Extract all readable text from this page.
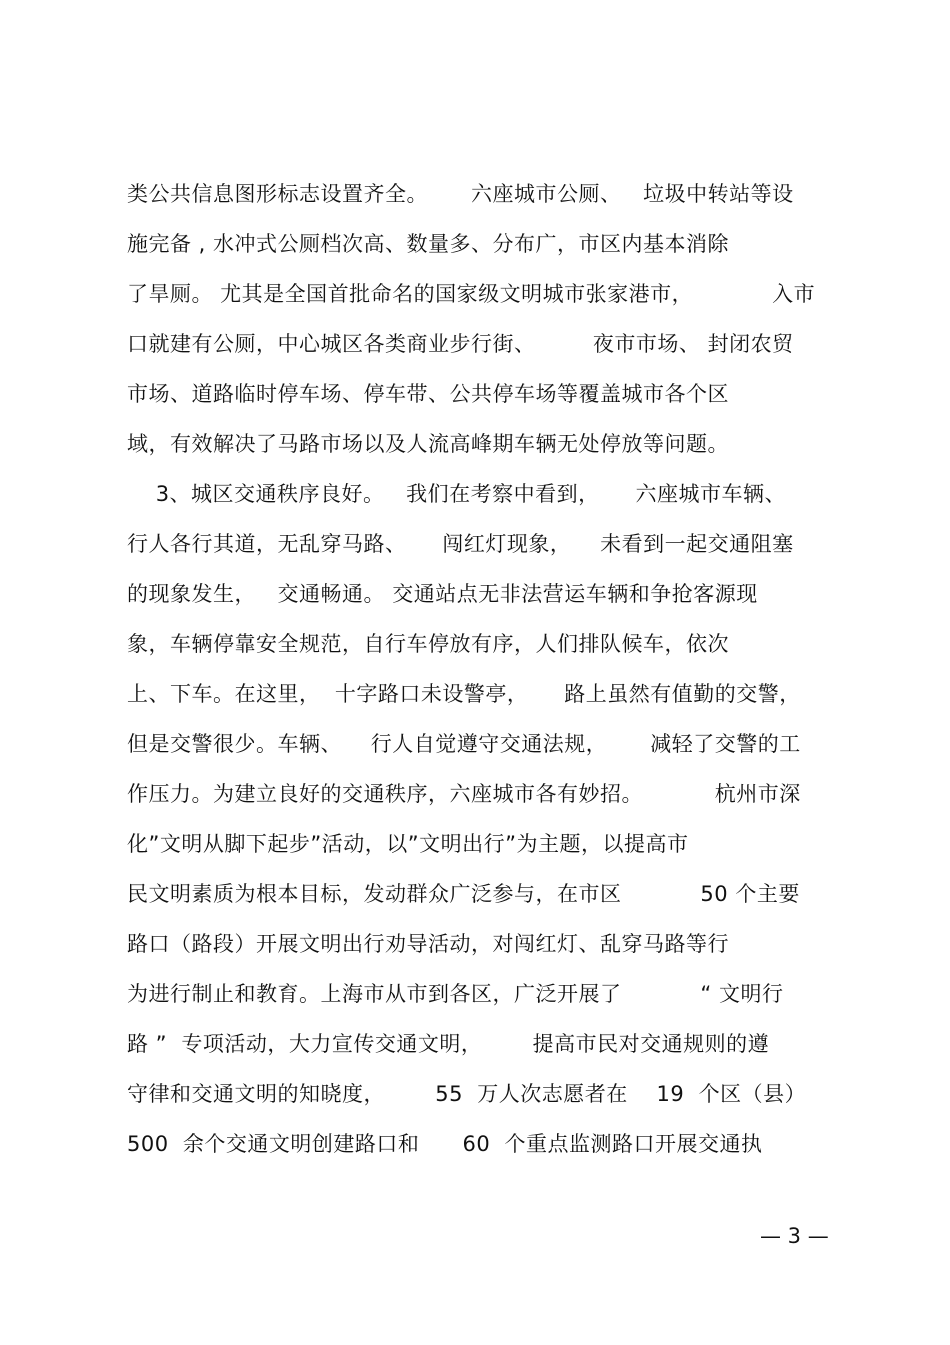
类公共信息图形标志设置齐全。      六座城市公厕、   垃圾中转站等设
施完备 , 水冲式公厕档次高、数量多、分布广，市区内基本消除
了旱厕。 尤其是全国首批命名的国家级文明城市张家港市，           入市
口就建有公厕，中心城区各类商业步行街、        夜市市场、 封闭农贸
市场、道路临时停车场、停车带、公共停车场等覆盖城市各个区
域，有效解决了马路市场以及人流高峰期车辆无处停放等问题。
3、城区交通秩序良好。   我们在考察中看到，     六座城市车辆、
行人各行其道，无乱穿马路、     闯红灯现象，    未看到一起交通阻塞
的现象发生，   交通畅通。 交通站点无非法营运车辆和争抢客源现
象，车辆停靠安全规范，自行车停放有序，人们排队候车，依次
上、下车。在这里，  十字路口未设警亭，     路上虽然有值勤的交警，
但是交警很少。车辆、    行人自觉遵守交通法规，      减轻了交警的工
作压力。为建立良好的交通秩序，六座城市各有妙招。          杭州市深
化”文明从脚下起步”活动，以”文明出行”为主题，以提高市
民文明素质为根本目标，发动群众广泛参与，在市区           50 个主要
路口（路段）开展文明出行劝导活动，对闯红灯、乱穿马路等行
为进行制止和教育。上海市从市到各区，广泛开展了           “ 文明行
路 ”  专项活动，大力宣传交通文明，       提高市民对交通规则的遵
守律和交通文明的知晓度，       55  万人次志愿者在    19  个区（县）
500  余个交通文明创建路口和      60  个重点监测路口开展交通执
— 3 —
